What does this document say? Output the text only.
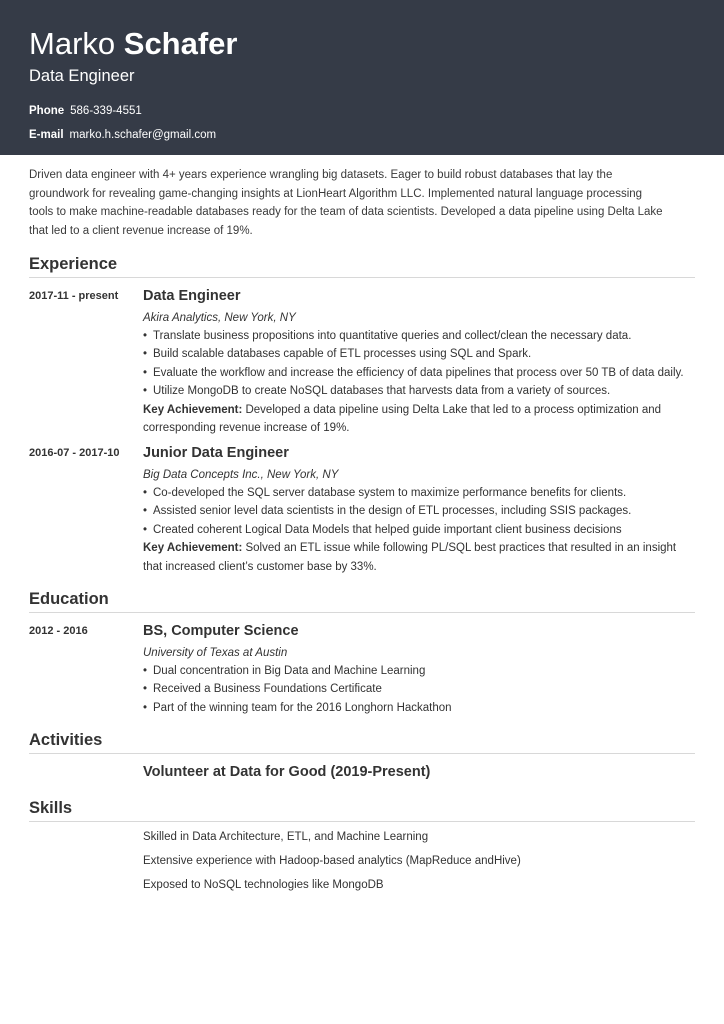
Marko Schafer
Data Engineer
Phone 586-339-4551
E-mail marko.h.schafer@gmail.com
Driven data engineer with 4+ years experience wrangling big datasets. Eager to build robust databases that lay the groundwork for revealing game-changing insights at LionHeart Algorithm LLC. Implemented natural language processing tools to make machine-readable databases ready for the team of data scientists. Developed a data pipeline using Delta Lake that led to a client revenue increase of 19%.
Experience
2017-11 - present Data Engineer
Akira Analytics, New York, NY
• Translate business propositions into quantitative queries and collect/clean the necessary data.
• Build scalable databases capable of ETL processes using SQL and Spark.
• Evaluate the workflow and increase the efficiency of data pipelines that process over 50 TB of data daily.
• Utilize MongoDB to create NoSQL databases that harvests data from a variety of sources.
Key Achievement: Developed a data pipeline using Delta Lake that led to a process optimization and corresponding revenue increase of 19%.
2016-07 - 2017-10 Junior Data Engineer
Big Data Concepts Inc., New York, NY
• Co-developed the SQL server database system to maximize performance benefits for clients.
• Assisted senior level data scientists in the design of ETL processes, including SSIS packages.
• Created coherent Logical Data Models that helped guide important client business decisions
Key Achievement: Solved an ETL issue while following PL/SQL best practices that resulted in an insight that increased client’s customer base by 33%.
Education
2012 - 2016	BS, Computer Science
University of Texas at Austin
• Dual concentration in Big Data and Machine Learning
• Received a Business Foundations Certificate
• Part of the winning team for the 2016 Longhorn Hackathon
Activities
Volunteer at Data for Good (2019-Present)
Skills
Skilled in Data Architecture, ETL, and Machine Learning
Extensive experience with Hadoop-based analytics (MapReduce andHive)
Exposed to NoSQL technologies like MongoDB
